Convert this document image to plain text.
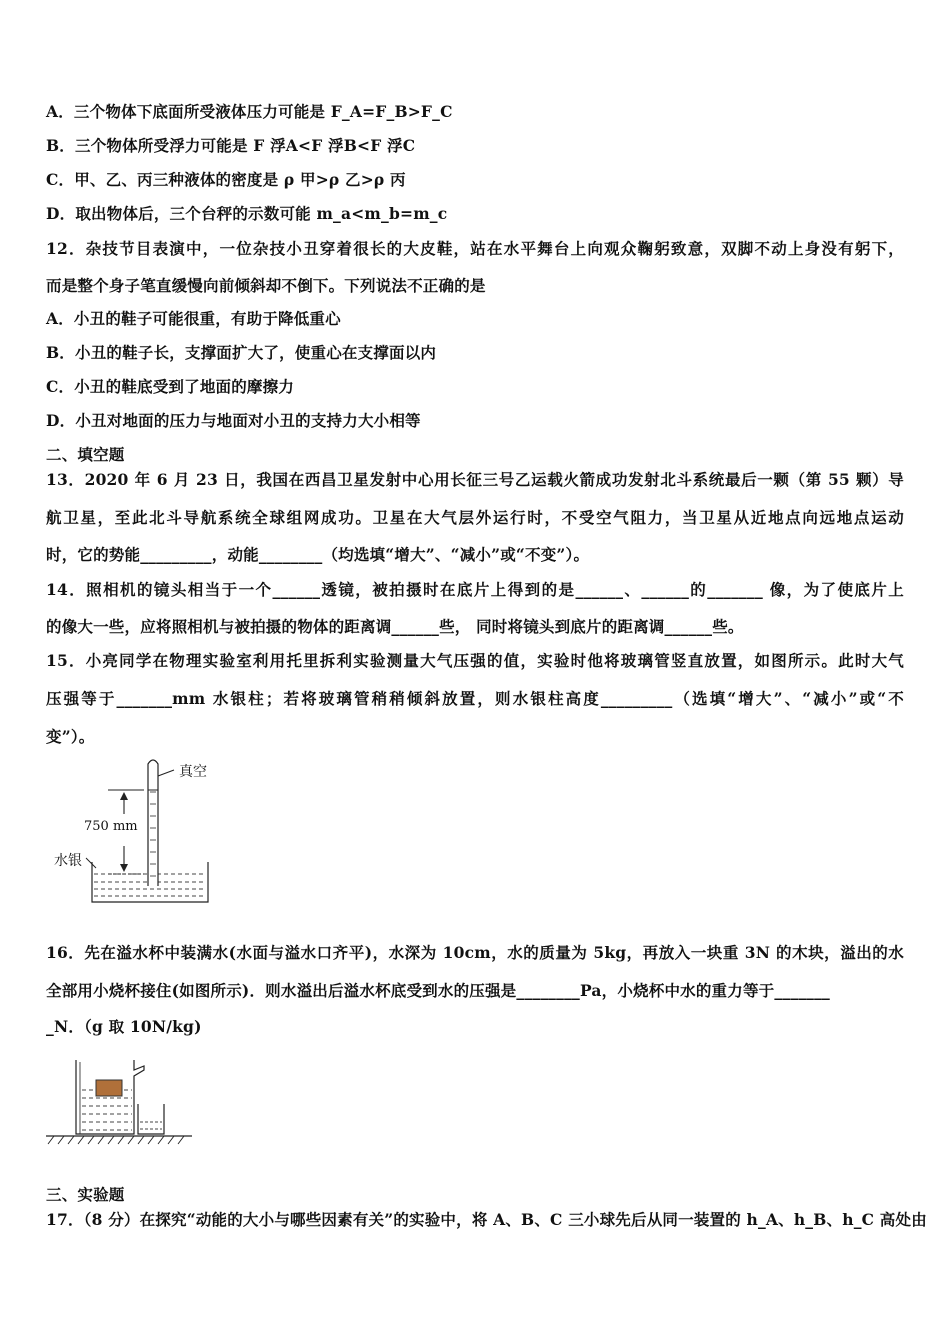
A．三个物体下底面所受液体压力可能是 F_A=F_B>F_C
B．三个物体所受浮力可能是 F 浮A<F 浮B<F 浮C
C．甲、乙、丙三种液体的密度是 ρ 甲>ρ 乙>ρ 丙
D．取出物体后，三个台秤的示数可能 m_a<m_b=m_c
12．杂技节目表演中，一位杂技小丑穿着很长的大皮鞋，站在水平舞台上向观众鞠躬致意，双脚不动上身没有躬下，
而是整个身子笔直缓慢向前倾斜却不倒下。下列说法不正确的是
A．小丑的鞋子可能很重，有助于降低重心
B．小丑的鞋子长，支撑面扩大了，使重心在支撑面以内
C．小丑的鞋底受到了地面的摩擦力
D．小丑对地面的压力与地面对小丑的支持力大小相等
二、填空题
13．2020 年 6 月 23 日，我国在西昌卫星发射中心用长征三号乙运载火箭成功发射北斗系统最后一颗（第 55 颗）导
航卫星，至此北斗导航系统全球组网成功。卫星在大气层外运行时，不受空气阻力，当卫星从近地点向远地点运动
时，它的势能_________，动能________（均选填“增大”、“减小”或“不变”）。
14．照相机的镜头相当于一个______透镜，被拍摄时在底片上得到的是______、______的_______ 像，为了使底片上
的像大一些，应将照相机与被拍摄的物体的距离调______些， 同时将镜头到底片的距离调______些。
15．小亮同学在物理实验室利用托里拆利实验测量大气压强的值，实验时他将玻璃管竖直放置，如图所示。此时大气
压强等于_______mm 水银柱；若将玻璃管稍稍倾斜放置，则水银柱高度_________（选填“增大”、“减小”或“不
变”）。
真空
750 mm
水银
16．先在溢水杯中装满水(水面与溢水口齐平)，水深为 10cm，水的质量为 5kg，再放入一块重 3N 的木块，溢出的水
全部用小烧杯接住(如图所示)．则水溢出后溢水杯底受到水的压强是________Pa，小烧杯中水的重力等于_______
_N．（g 取 10N/kg)
三、实验题
17．（8 分）在探究“动能的大小与哪些因素有关”的实验中，将 A、B、C 三小球先后从同一装置的 h_A、h_B、h_C 高处由
